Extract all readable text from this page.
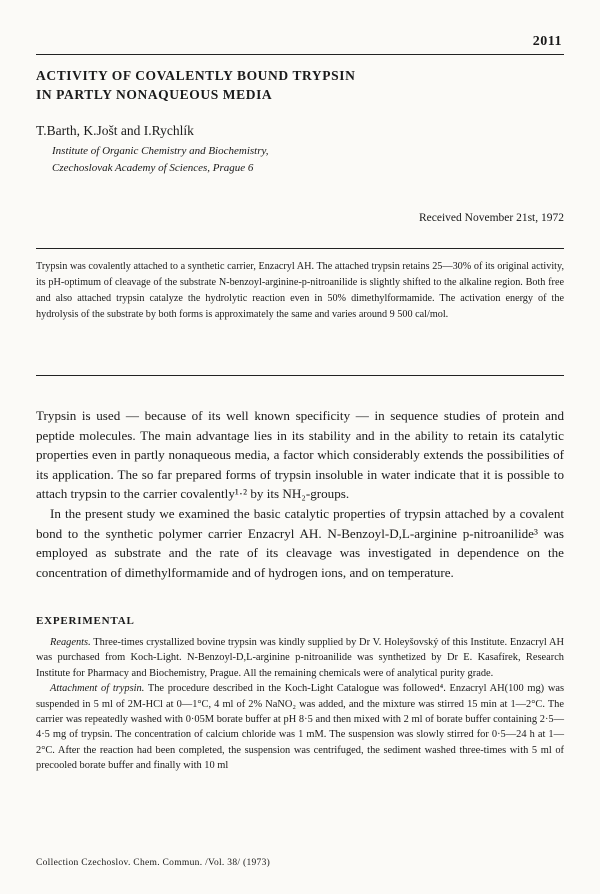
2011
ACTIVITY OF COVALENTLY BOUND TRYPSIN
IN PARTLY NONAQUEOUS MEDIA
T.Barth, K.Jošt and I.Rychlík
Institute of Organic Chemistry and Biochemistry,
Czechoslovak Academy of Sciences, Prague 6
Received November 21st, 1972
Trypsin was covalently attached to a synthetic carrier, Enzacryl AH. The attached trypsin retains 25—30% of its original activity, its pH-optimum of cleavage of the substrate N-benzoyl-arginine-p-nitroanilide is slightly shifted to the alkaline region. Both free and also attached trypsin catalyze the hydrolytic reaction even in 50% dimethylformamide. The activation energy of the hydrolysis of the substrate by both forms is approximately the same and varies around 9 500 cal/mol.

Trypsin is used — because of its well known specificity — in sequence studies of protein and peptide molecules. The main advantage lies in its stability and in the ability to retain its catalytic properties even in partly nonaqueous media, a factor which considerably extends the possibilities of its application. The so far prepared forms of trypsin insoluble in water indicate that it is possible to attach trypsin to the carrier covalently¹·² by its NH₂-groups.

In the present study we examined the basic catalytic properties of trypsin attached by a covalent bond to the synthetic polymer carrier Enzacryl AH. N-Benzoyl-D,L-arginine p-nitroanilide³ was employed as substrate and the rate of its cleavage was investigated in dependence on the concentration of dimethylformamide and of hydrogen ions, and on temperature.

EXPERIMENTAL

Reagents. Three-times crystallized bovine trypsin was kindly supplied by Dr V. Holeyšovský of this Institute. Enzacryl AH was purchased from Koch-Light. N-Benzoyl-D,L-arginine p-nitroanilide was synthetized by Dr E. Kasafírek, Research Institute for Pharmacy and Biochemistry, Prague. All the remaining chemicals were of analytical purity grade.

Attachment of trypsin. The procedure described in the Koch-Light Catalogue was followed⁴. Enzacryl AH(100 mg) was suspended in 5 ml of 2M-HCl at 0—1°C, 4 ml of 2% NaNO₂ was added, and the mixture was stirred 15 min at 1—2°C. The carrier was repeatedly washed with 0·05M borate buffer at pH 8·5 and then mixed with 2 ml of borate buffer containing 2·5—4·5 mg of trypsin. The concentration of calcium chloride was 1 mM. The suspension was slowly stirred for 0·5—24 h at 1—2°C. After the reaction had been completed, the suspension was centrifuged, the sediment washed three-times with 5 ml of precooled borate buffer and finally with 10 ml

Collection Czechoslov. Chem. Commun. /Vol. 38/ (1973)
